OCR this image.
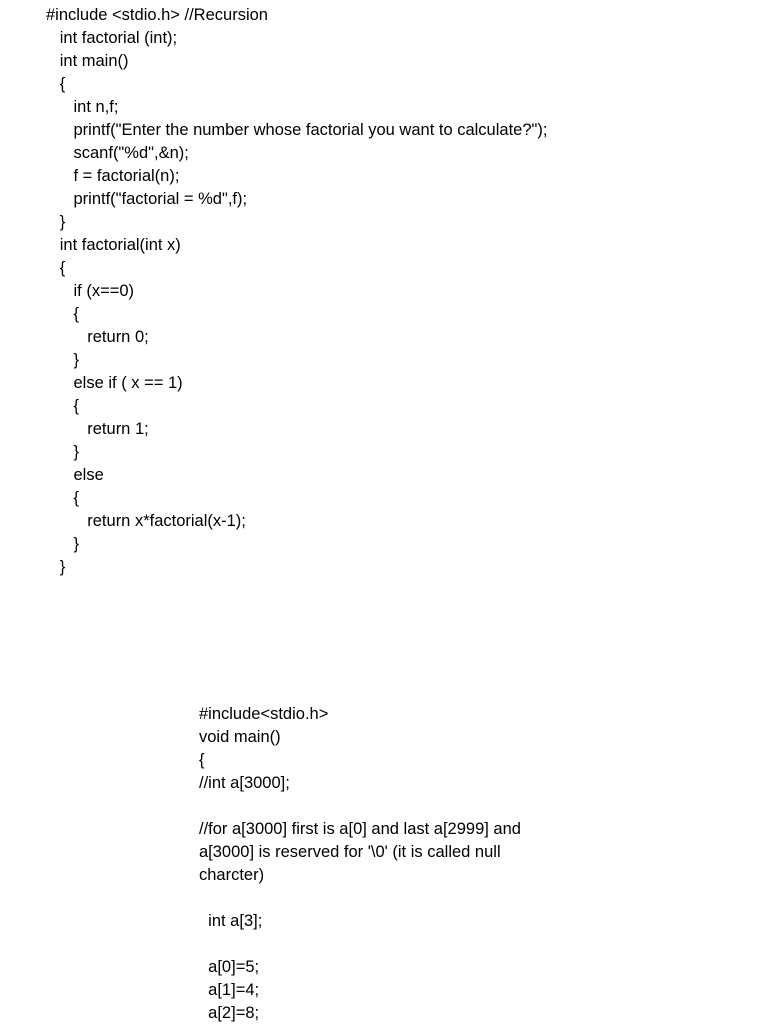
#include <stdio.h> //Recursion
int factorial (int);
int main()
{
int n,f;
printf("Enter the number whose factorial you want to calculate?");
scanf("%d",&n);
f = factorial(n);
printf("factorial = %d",f);
}
int factorial(int x)
{
if (x==0)
{
return 0;
}
else if ( x == 1)
{
return 1;
}
else
{
return x*factorial(x-1);
}
}
#include<stdio.h>
void main()
{
//int a[3000];
//for a[3000] first is a[0] and last a[2999] and
a[3000] is reserved for '\0' (it is called null
charcter)
int a[3];
a[0]=5;
a[1]=4;
a[2]=8;
